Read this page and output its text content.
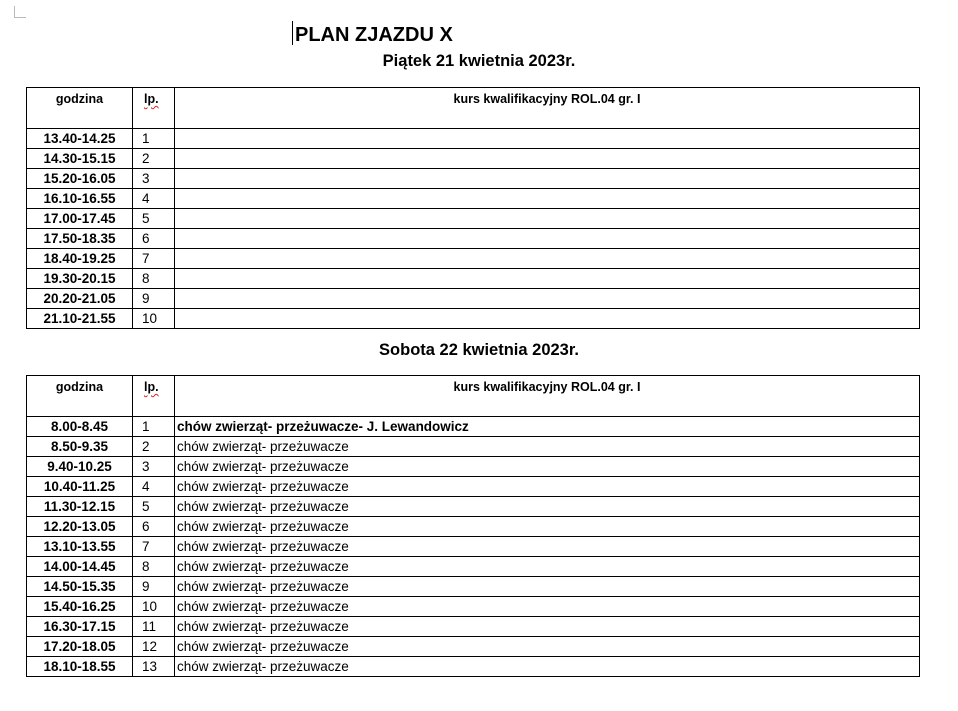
PLAN ZJAZDU X
Piątek 21 kwietnia 2023r.
godzina	lp.	kurs kwalifikacyjny ROL.04 gr. I
13.40-14.25	1	
14.30-15.15	2	
15.20-16.05	3	
16.10-16.55	4	
17.00-17.45	5	
17.50-18.35	6	
18.40-19.25	7	
19.30-20.15	8	
20.20-21.05	9	
21.10-21.55	10	
Sobota 22 kwietnia 2023r.
godzina	lp.	kurs kwalifikacyjny ROL.04 gr. I
8.00-8.45	1	chów zwierząt- przeżuwacze- J. Lewandowicz
8.50-9.35	2	chów zwierząt- przeżuwacze
9.40-10.25	3	chów zwierząt- przeżuwacze
10.40-11.25	4	chów zwierząt- przeżuwacze
11.30-12.15	5	chów zwierząt- przeżuwacze
12.20-13.05	6	chów zwierząt- przeżuwacze
13.10-13.55	7	chów zwierząt- przeżuwacze
14.00-14.45	8	chów zwierząt- przeżuwacze
14.50-15.35	9	chów zwierząt- przeżuwacze
15.40-16.25	10	chów zwierząt- przeżuwacze
16.30-17.15	11	chów zwierząt- przeżuwacze
17.20-18.05	12	chów zwierząt- przeżuwacze
18.10-18.55	13	chów zwierząt- przeżuwacze
